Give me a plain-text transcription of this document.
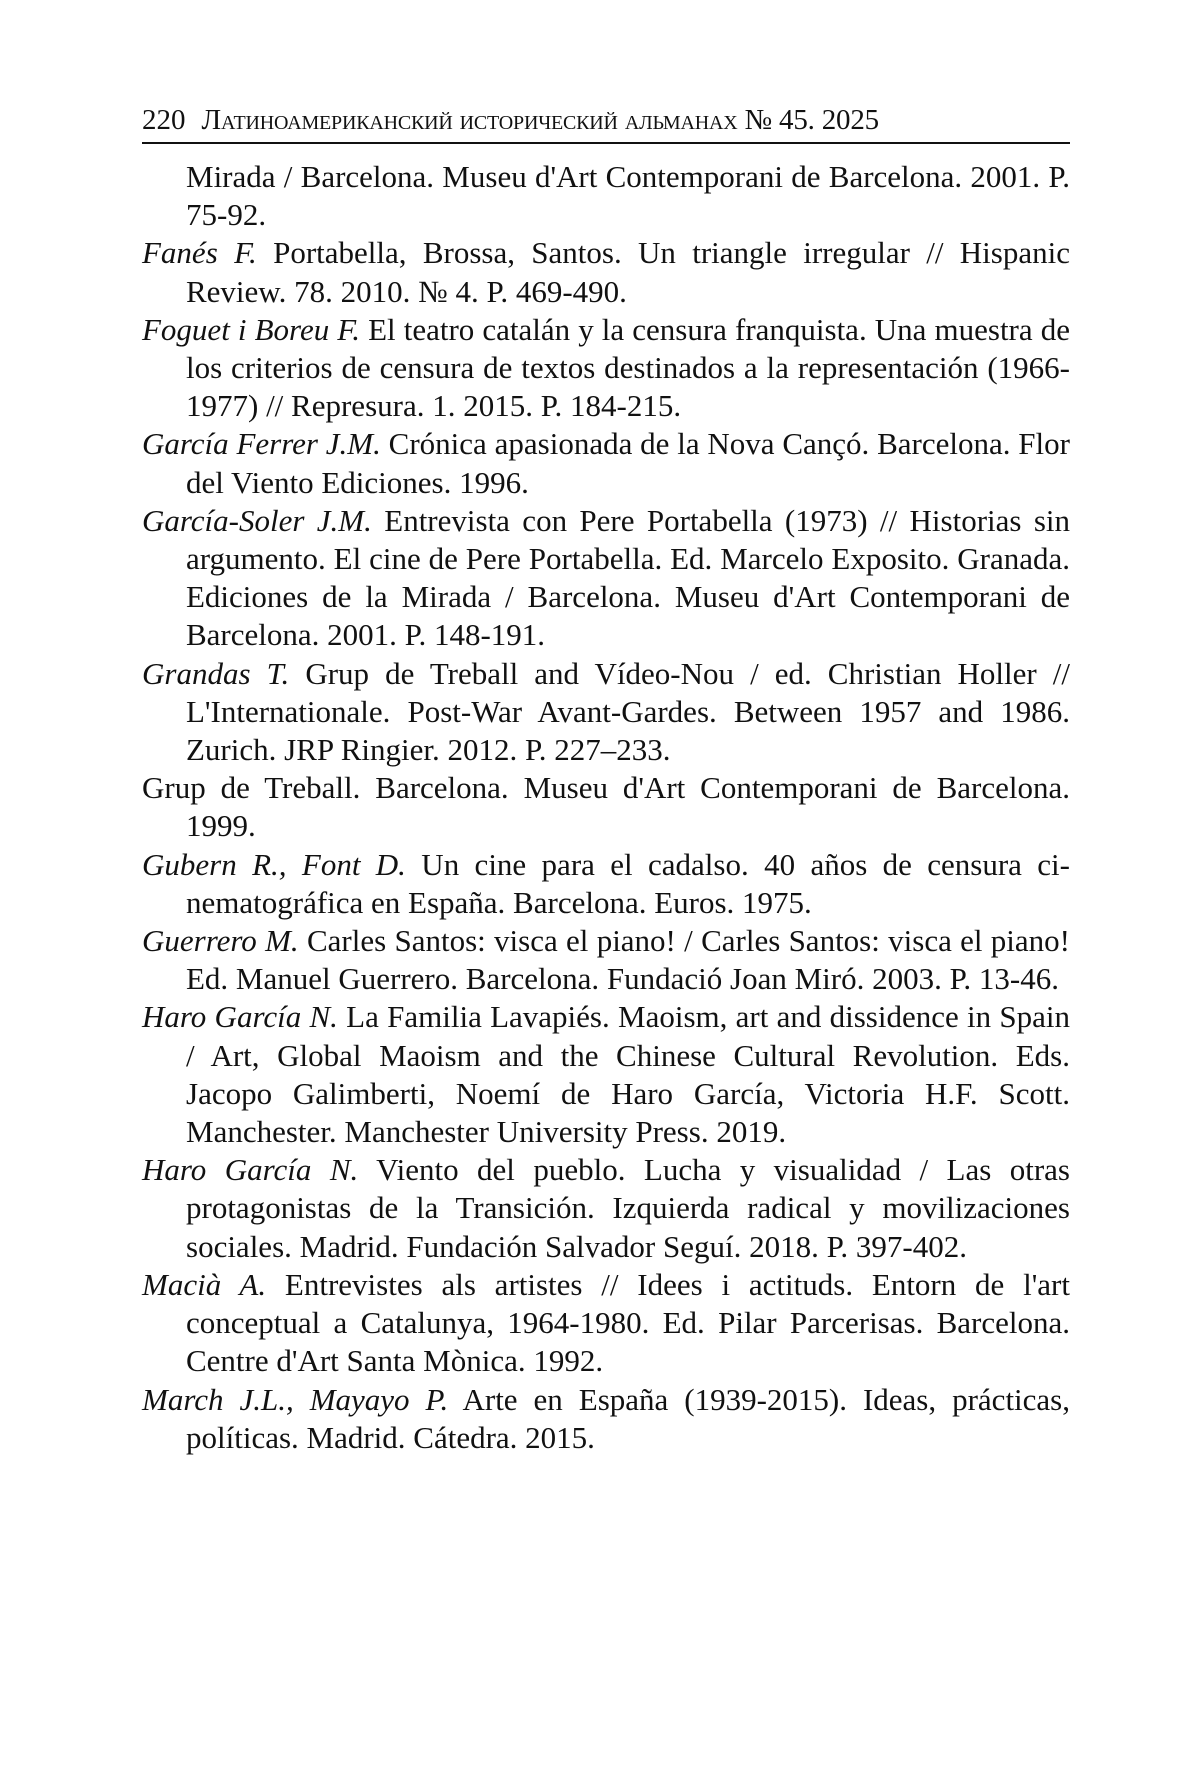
220 Латиноамериканский исторический альманах № 45. 2025
Mirada / Barcelona. Museu d'Art Contemporani de Barcelona. 2001. P. 75-92.
Fanés F. Portabella, Brossa, Santos. Un triangle irregular // Hispanic Review. 78. 2010. № 4. P. 469-490.
Foguet i Boreu F. El teatro catalán y la censura franquista. Una muestra de los criterios de censura de textos destinados a la representación (1966-1977) // Represura. 1. 2015. P. 184-215.
García Ferrer J.M. Crónica apasionada de la Nova Cançó. Barcelona. Flor del Viento Ediciones. 1996.
García-Soler J.M. Entrevista con Pere Portabella (1973) // Historias sin argumento. El cine de Pere Portabella. Ed. Marcelo Exposito. Granada. Ediciones de la Mirada / Barcelona. Museu d'Art Contemporani de Barcelona. 2001. P. 148-191.
Grandas T. Grup de Treball and Vídeo-Nou / ed. Christian Holler // L'Internationale. Post-War Avant-Gardes. Between 1957 and 1986. Zurich. JRP Ringier. 2012. P. 227–233.
Grup de Treball. Barcelona. Museu d'Art Contemporani de Barcelona. 1999.
Gubern R., Font D. Un cine para el cadalso. 40 años de censura cinematográfica en España. Barcelona. Euros. 1975.
Guerrero M. Carles Santos: visca el piano! / Carles Santos: visca el piano! Ed. Manuel Guerrero. Barcelona. Fundació Joan Miró. 2003. P. 13-46.
Haro García N. La Familia Lavapiés. Maoism, art and dissidence in Spain / Art, Global Maoism and the Chinese Cultural Revolution. Eds. Jacopo Galimberti, Noemí de Haro García, Victoria H.F. Scott. Manchester. Manchester University Press. 2019.
Haro García N. Viento del pueblo. Lucha y visualidad / Las otras protagonistas de la Transición. Izquierda radical y movilizaciones sociales. Madrid. Fundación Salvador Seguí. 2018. P. 397-402.
Macià A. Entrevistes als artistes // Idees i actituds. Entorn de l'art conceptual a Catalunya, 1964-1980. Ed. Pilar Parcerisas. Barcelona. Centre d'Art Santa Mònica. 1992.
March J.L., Mayayo P. Arte en España (1939-2015). Ideas, prácticas, políticas. Madrid. Cátedra. 2015.
